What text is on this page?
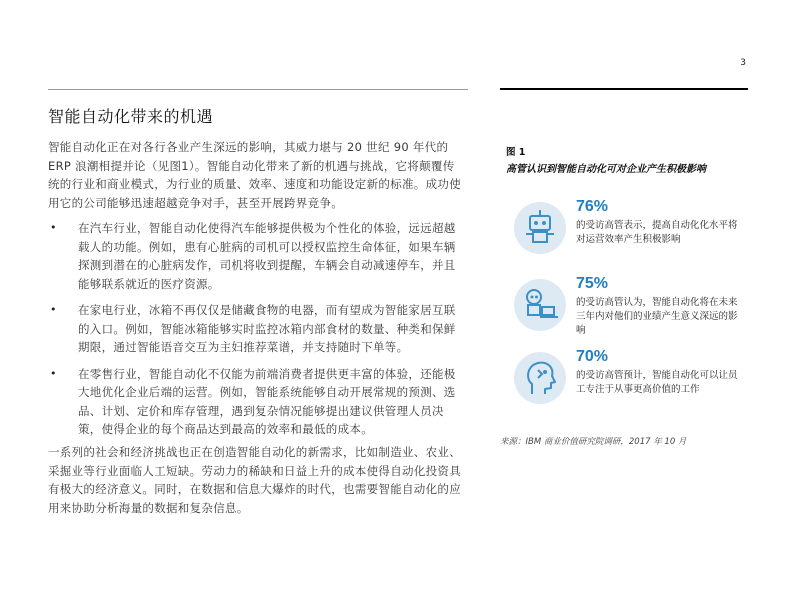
3
智能自动化带来的机遇

智能自动化正在对各行各业产生深远的影响，其威力堪与 20 世纪 90 年代的 ERP 浪潮相提并论（见图1）。智能自动化带来了新的机遇与挑战，它将颠覆传统的行业和商业模式，为行业的质量、效率、速度和功能设定新的标准。成功使用它的公司能够迅速超越竞争对手，甚至开展跨界竞争。

• 在汽车行业，智能自动化使得汽车能够提供极为个性化的体验，远远超越载人的功能。例如，患有心脏病的司机可以授权监控生命体征，如果车辆探测到潜在的心脏病发作，司机将收到提醒，车辆会自动减速停车，并且能够联系就近的医疗资源。
• 在家电行业，冰箱不再仅仅是储藏食物的电器，而有望成为智能家居互联的入口。例如，智能冰箱能够实时监控冰箱内部食材的数量、种类和保鲜期限，通过智能语音交互为主妇推荐菜谱，并支持随时下单等。
• 在零售行业，智能自动化不仅能为前端消费者提供更丰富的体验，还能极大地优化企业后端的运营。例如，智能系统能够自动开展常规的预测、选品、计划、定价和库存管理，遇到复杂情况能够提出建议供管理人员决策，使得企业的每个商品达到最高的效率和最低的成本。

一系列的社会和经济挑战也正在创造智能自动化的新需求，比如制造业、农业、采掘业等行业面临人工短缺。劳动力的稀缺和日益上升的成本使得自动化投资具有极大的经济意义。同时，在数据和信息大爆炸的时代，也需要智能自动化的应用来协助分析海量的数据和复杂信息。

图 1
高管认识到智能自动化可对企业产生积极影响
76%
的受访高管表示，提高自动化化水平将对运营效率产生积极影响
75%
的受访高管认为，智能自动化将在未来三年内对他们的业绩产生意义深远的影响
70%
的受访高管预计，智能自动化可以让员工专注于从事更高价值的工作
来源：IBM 商业价值研究院调研，2017 年 10 月
